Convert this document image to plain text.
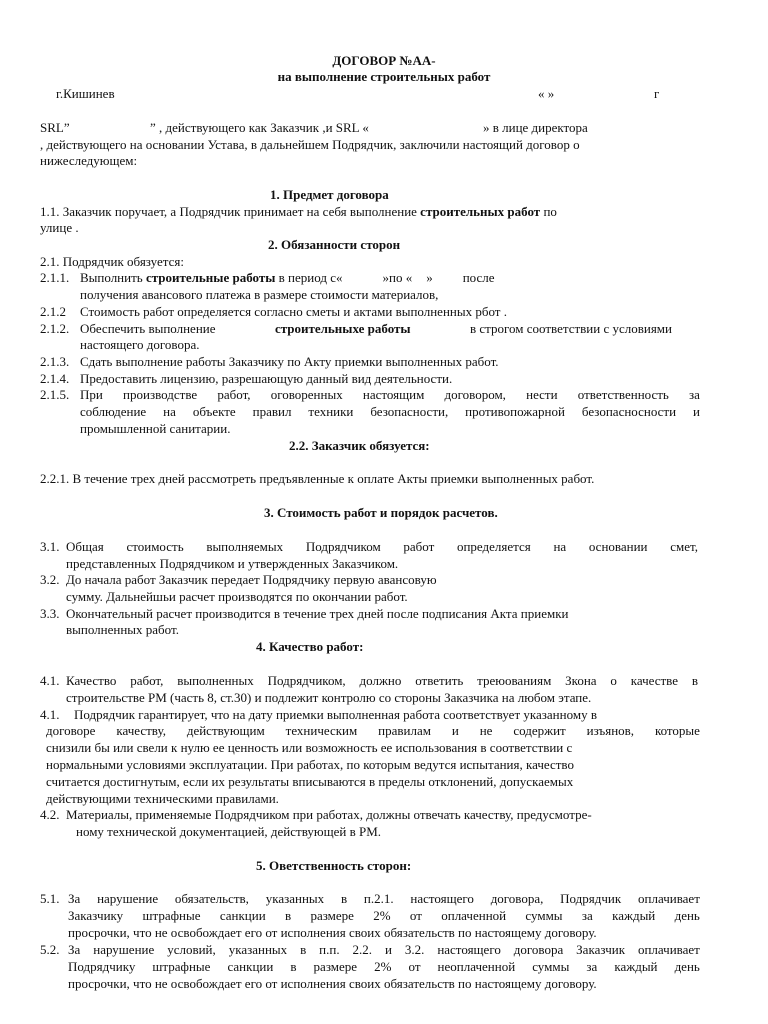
ДОГОВОР №АА-
на выполнение строительных работ
г.Кишинев	« »	г
SRL”	” , действующего как Заказчик ,и SRL «	» в лице директора
, действующего на основании Устава, в дальнейшем Подрядчик, заключили настоящий договор о
нижеследующем:
1. Предмет договора
1.1. Заказчик поручает, а Подрядчик принимает на себя выполнение строительных работ по
улице .
2. Обязанности сторон
2.1. Подрядчик обязуется:
2.1.1. Выполнить строительные работы в период с«	»по « » после
получения авансового платежа в размере стоимости материалов,
2.1.2 Стоимость работ определяется согласно сметы и актами выполненных рбот .
2.1.2. Обеспечить выполнение	строительныхе работы	в строгом соответствии с условиями
настоящего договора.
2.1.3. Сдать выполнение работы Заказчику по Акту приемки выполненных работ.
2.1.4. Предоставить лицензию, разрешающую данный вид деятельности.
2.1.5. При производстве работ, оговоренных настоящим договором, нести ответственность за
соблюдение на объекте правил техники безопасности, противопожарной безопасносности и
промышленной санитарии.
2.2. Заказчик обязуется:
2.2.1. В течение трех дней рассмотреть предъявленные к оплате Акты приемки выполненных работ.
3. Стоимость работ и порядок расчетов.
3.1. Общая стоимость выполняемых Подрядчиком работ определяется на основании смет,
представленных Подрядчиком и утвержденных Заказчиком.
3.2. До начала работ Заказчик передает Подрядчику первую авансовую
сумму. Дальнейшьи расчет производятся по окончании работ.
3.3. Окончательный расчет производится в течение трех дней после подписания Акта приемки
выполненных работ.
4. Качество работ:
4.1. Качество работ, выполненных Подрядчиком, должно ответить треюованиям Зкона о качестве в
строительстве РМ (часть 8, ст.30) и подлежит контролю со стороны Заказчика на любом этапе.
4.1. Подрядчик гарантирует, что на дату приемки выполненная работа соответствует указанному в
договоре качеству, действующим техническим правилам и не содержит изъянов, которые
снизили бы или свели к нулю ее ценность или возможность ее использования в соответствии с
нормальными условиями эксплуатации. При работах, по которым ведутся испытания, качество
считается достигнутым, если их результаты вписываются в пределы отклонений, допускаемых
действующими техническими правилами.
4.2. Материалы, применяемые Подрядчиком при работах, должны отвечать качеству, предусмотре-
ному технической документацией, действующей в РМ.
5. Оветственность сторон:
5.1. За нарушение обязательств, указанных в п.2.1. настоящего договора, Подрядчик оплачивает
Заказчику штрафные санкции в размере 2% от оплаченной суммы за каждый день
просрочки, что не освобождает его от исполнения своих обязательств по настоящему договору.
5.2. За нарушение условий, указанных в п.п. 2.2. и 3.2. настоящего договора Заказчик оплачивает
Подрядчику штрафные санкции в размере 2% от неоплаченной суммы за каждый день
просрочки, что не освобождает его от исполнения своих обязательств по настоящему договору.
